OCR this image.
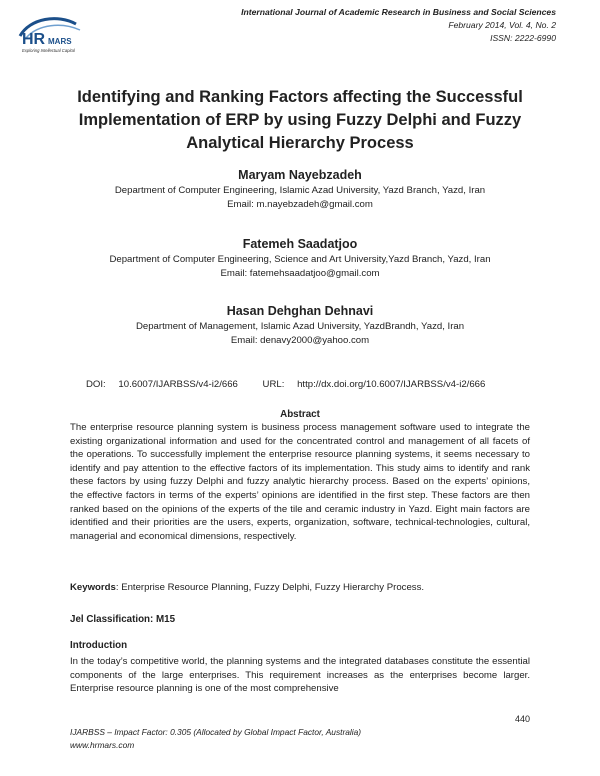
HR MARS
Exploring Intellectual Capital
International Journal of Academic Research in Business and Social Sciences
February 2014, Vol. 4, No. 2
ISSN: 2222-6990
Identifying and Ranking Factors affecting the Successful Implementation of ERP by using Fuzzy Delphi and Fuzzy Analytical Hierarchy Process
Maryam Nayebzadeh
Department of Computer Engineering, Islamic Azad University, Yazd Branch, Yazd, Iran
Email: m.nayebzadeh@gmail.com
Fatemeh Saadatjoo
Department of Computer Engineering, Science and Art University,Yazd Branch, Yazd, Iran
Email: fatemehsaadatjoo@gmail.com
Hasan Dehghan Dehnavi
Department of Management, Islamic Azad University, YazdBrandh, Yazd, Iran
Email: denavy2000@yahoo.com
DOI: 10.6007/IJARBSS/v4-i2/666	URL: http://dx.doi.org/10.6007/IJARBSS/v4-i2/666
Abstract
The enterprise resource planning system is business process management software used to integrate the existing organizational information and used for the concentrated control and management of all facets of the operations. To successfully implement the enterprise resource planning systems, it seems necessary to identify and pay attention to the effective factors of its implementation. This study aims to identify and rank these factors by using fuzzy Delphi and fuzzy analytic hierarchy process. Based on the experts’ opinions, the effective factors in terms of the experts’ opinions are identified in the first step. These factors are then ranked based on the opinions of the experts of the tile and ceramic industry in Yazd. Eight main factors are identified and their priorities are the users, experts, organization, software, technical-technologies, cultural, managerial and economical dimensions, respectively.
Keywords: Enterprise Resource Planning, Fuzzy Delphi, Fuzzy Hierarchy Process.
Jel Classification: M15
Introduction
In the today’s competitive world, the planning systems and the integrated databases constitute the essential components of the large enterprises. This requirement increases as the enterprises become larger. Enterprise resource planning is one of the most comprehensive
440
IJARBSS – Impact Factor: 0.305 (Allocated by Global Impact Factor, Australia)
www.hrmars.com
